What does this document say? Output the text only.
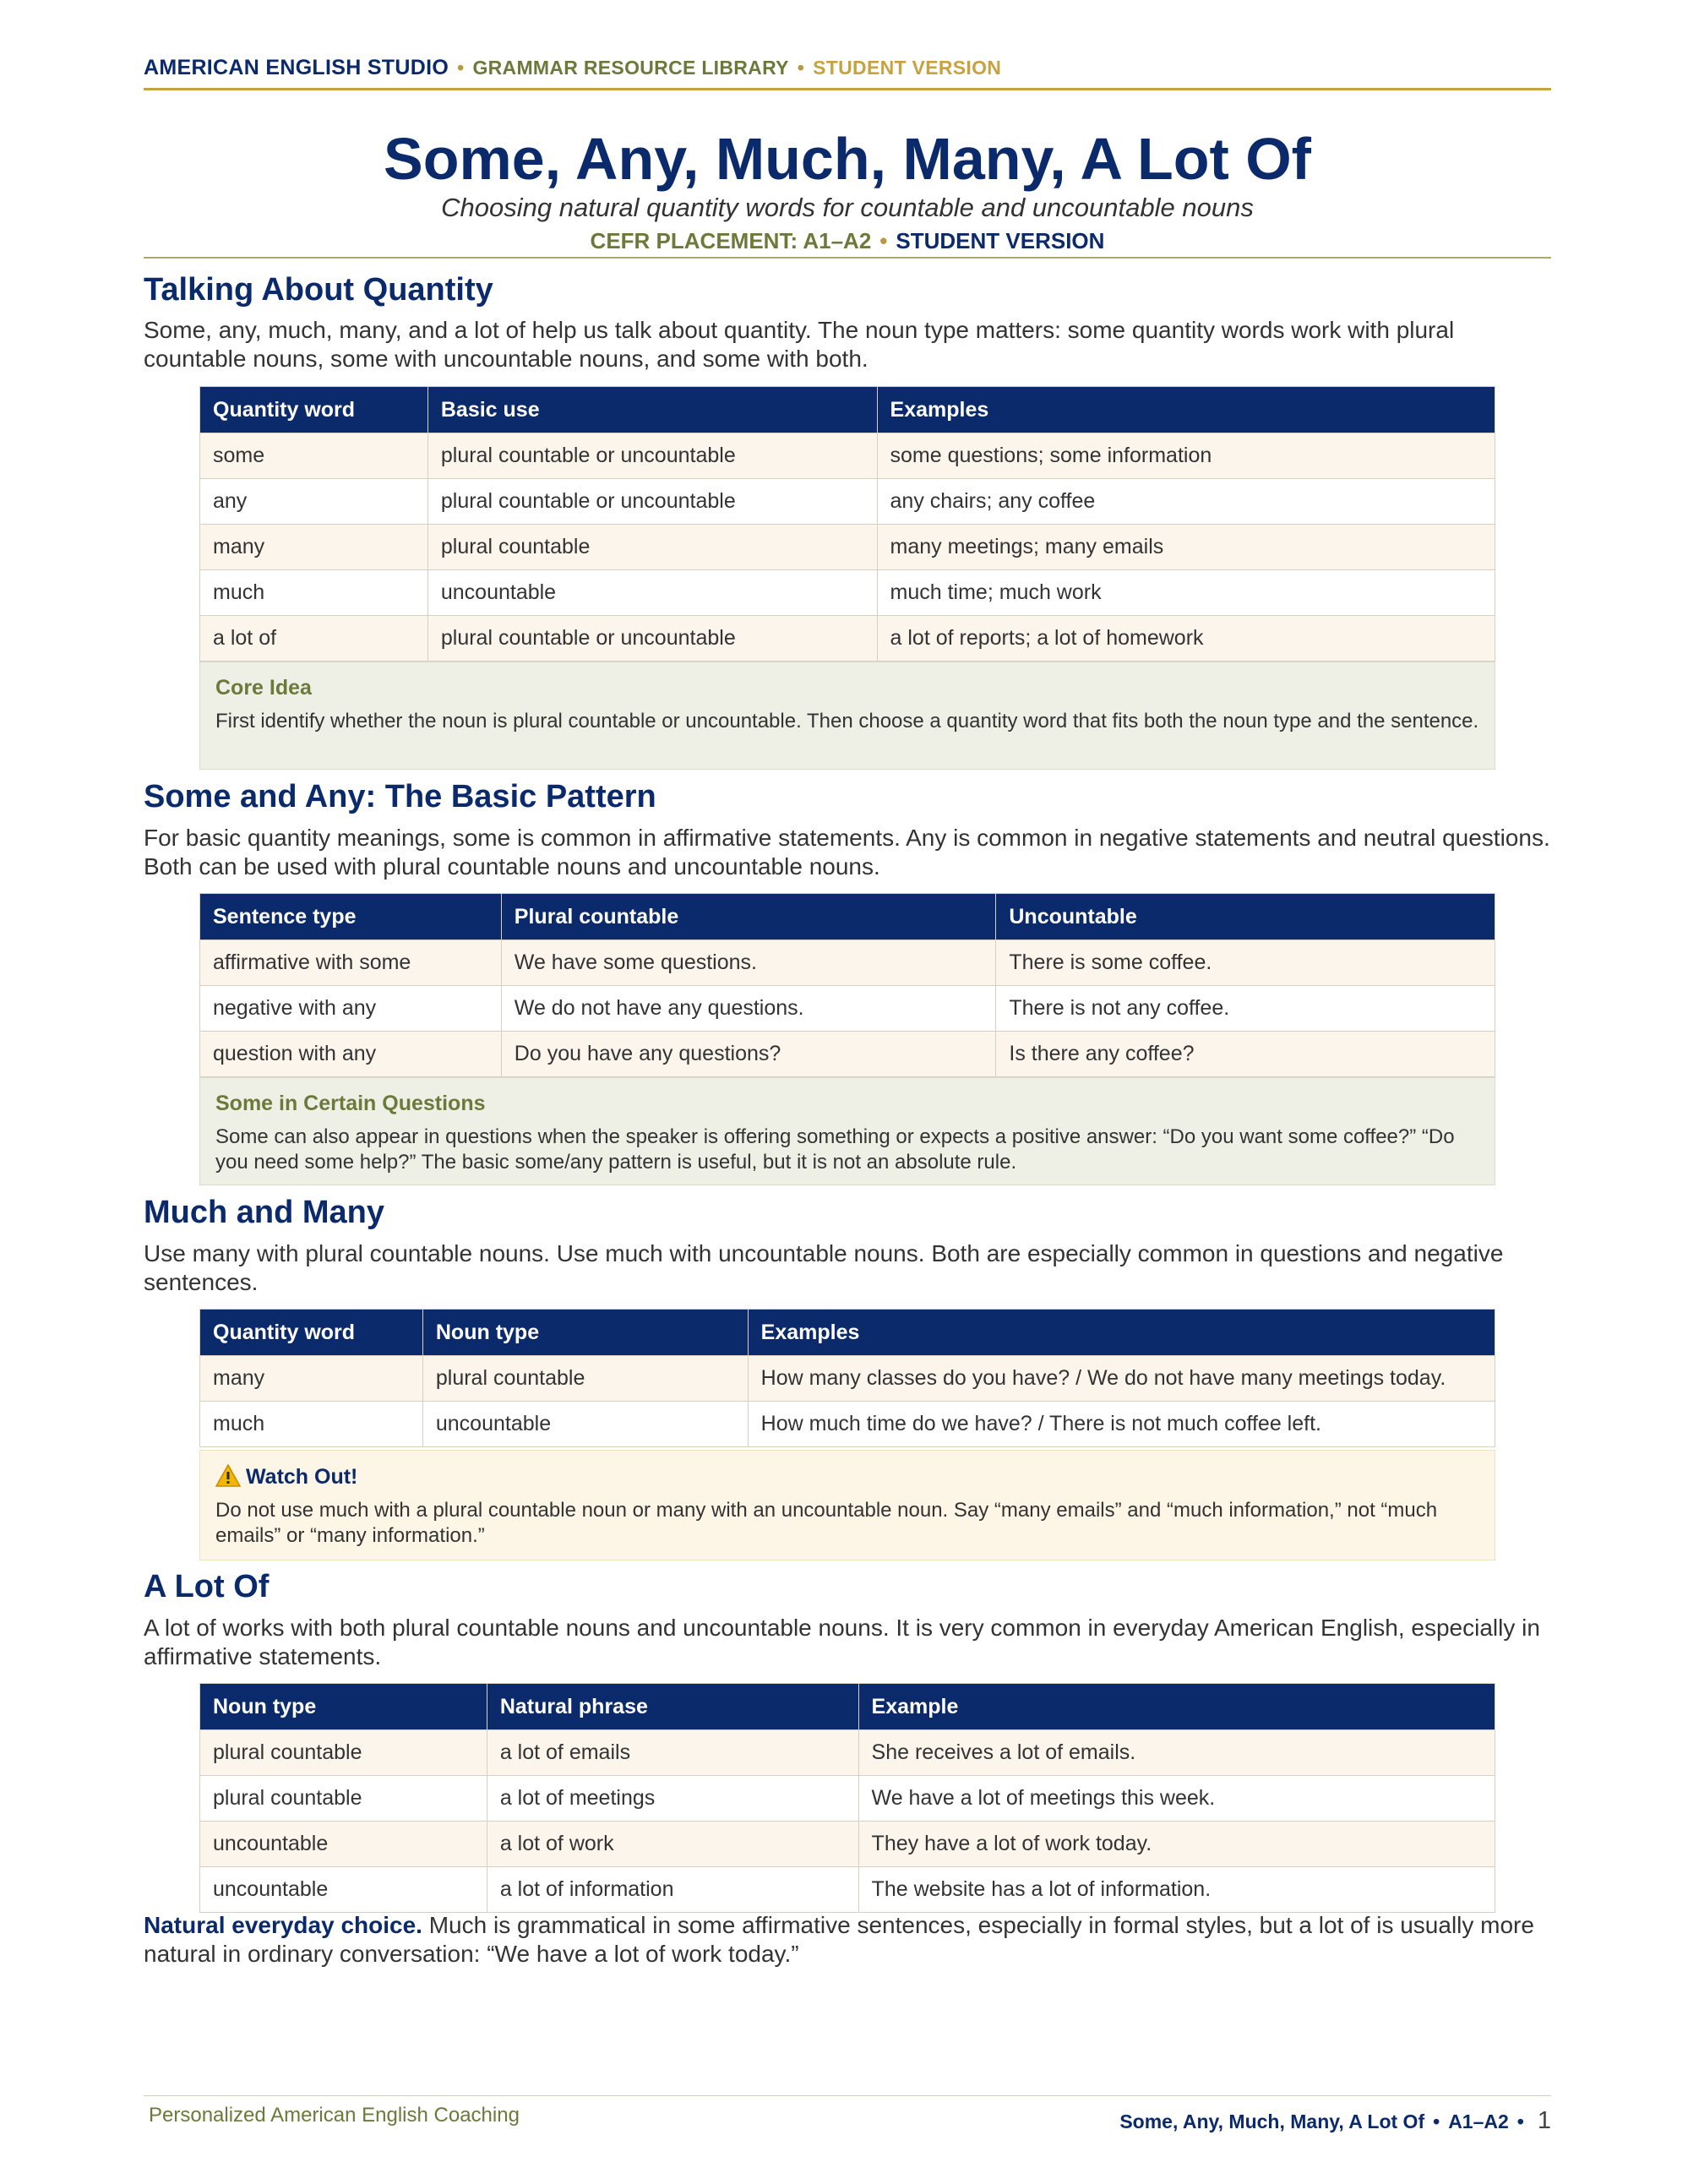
AMERICAN ENGLISH STUDIO • GRAMMAR RESOURCE LIBRARY • STUDENT VERSION
Some, Any, Much, Many, A Lot Of
Choosing natural quantity words for countable and uncountable nouns
CEFR PLACEMENT: A1–A2 • STUDENT VERSION
Talking About Quantity

Some, any, much, many, and a lot of help us talk about quantity. The noun type matters: some quantity words work with plural countable nouns, some with uncountable nouns, and some with both.

Quantity word	Basic use	Examples
some	plural countable or uncountable	some questions; some information
any	plural countable or uncountable	any chairs; any coffee
many	plural countable	many meetings; many emails
much	uncountable	much time; much work
a lot of	plural countable or uncountable	a lot of reports; a lot of homework
Core Idea
First identify whether the noun is plural countable or uncountable. Then choose a quantity word that fits both the noun type and the sentence.
Some and Any: The Basic Pattern

For basic quantity meanings, some is common in affirmative statements. Any is common in negative statements and neutral questions. Both can be used with plural countable nouns and uncountable nouns.

Sentence type	Plural countable	Uncountable
affirmative with some	We have some questions.	There is some coffee.
negative with any	We do not have any questions.	There is not any coffee.
question with any	Do you have any questions?	Is there any coffee?
Some in Certain Questions
Some can also appear in questions when the speaker is offering something or expects a positive answer: “Do you want some coffee?” “Do you need some help?” The basic some/any pattern is useful, but it is not an absolute rule.
Much and Many

Use many with plural countable nouns. Use much with uncountable nouns. Both are especially common in questions and negative sentences.

Quantity word	Noun type	Examples
many	plural countable	How many classes do you have? / We do not have many meetings today.
much	uncountable	How much time do we have? / There is not much coffee left.
Watch Out!
Do not use much with a plural countable noun or many with an uncountable noun. Say “many emails” and “much information,” not “much emails” or “many information.”
A Lot Of

A lot of works with both plural countable nouns and uncountable nouns. It is very common in everyday American English, especially in affirmative statements.

Noun type	Natural phrase	Example
plural countable	a lot of emails	She receives a lot of emails.
plural countable	a lot of meetings	We have a lot of meetings this week.
uncountable	a lot of work	They have a lot of work today.
uncountable	a lot of information	The website has a lot of information.

Natural everyday choice. Much is grammatical in some affirmative sentences, especially in formal styles, but a lot of is usually more natural in ordinary conversation: “We have a lot of work today.”

Personalized American English Coaching	Some, Any, Much, Many, A Lot Of • A1–A2 • 1
